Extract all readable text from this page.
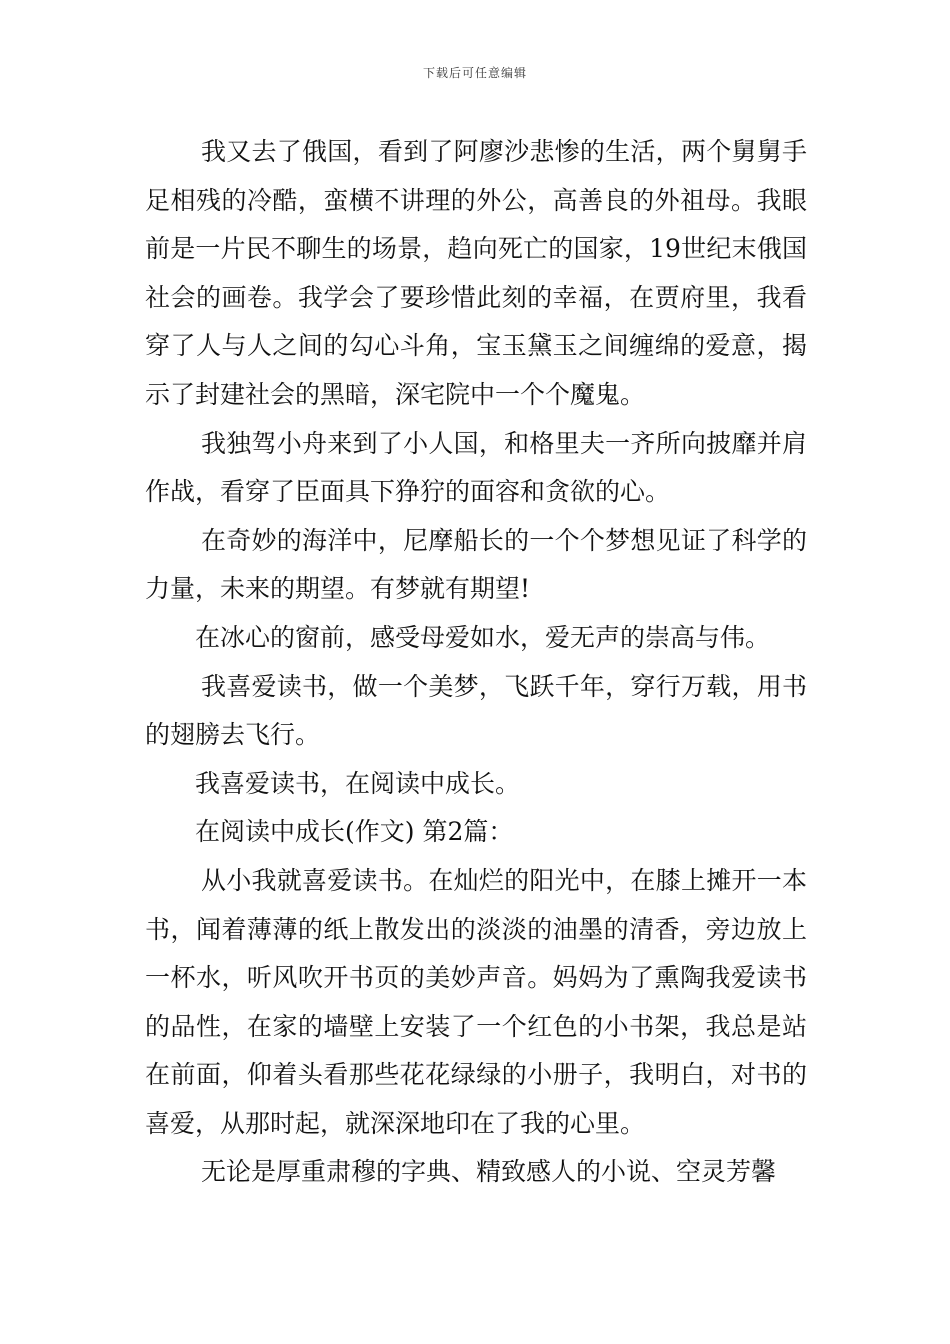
下载后可任意编辑

我又去了俄国，看到了阿廖沙悲惨的生活，两个舅舅手足相残的冷酷，蛮横不讲理的外公，高善良的外祖母。我眼前是一片民不聊生的场景，趋向死亡的国家，19世纪末俄国社会的画卷。我学会了要珍惜此刻的幸福，在贾府里，我看穿了人与人之间的勾心斗角，宝玉黛玉之间缠绵的爱意，揭示了封建社会的黑暗，深宅院中一个个魔鬼。

我独驾小舟来到了小人国，和格里夫一齐所向披靡并肩作战，看穿了臣面具下狰狞的面容和贪欲的心。

在奇妙的海洋中，尼摩船长的一个个梦想见证了科学的力量，未来的期望。有梦就有期望!

在冰心的窗前，感受母爱如水，爱无声的崇高与伟。

我喜爱读书，做一个美梦，飞跃千年，穿行万载，用书的翅膀去飞行。

我喜爱读书，在阅读中成长。

在阅读中成长(作文) 第2篇：

从小我就喜爱读书。在灿烂的阳光中，在膝上摊开一本书，闻着薄薄的纸上散发出的淡淡的油墨的清香，旁边放上一杯水，听风吹开书页的美妙声音。妈妈为了熏陶我爱读书的品性，在家的墙壁上安装了一个红色的小书架，我总是站在前面，仰着头看那些花花绿绿的小册子，我明白，对书的喜爱，从那时起，就深深地印在了我的心里。

无论是厚重肃穆的字典、精致感人的小说、空灵芳馨
